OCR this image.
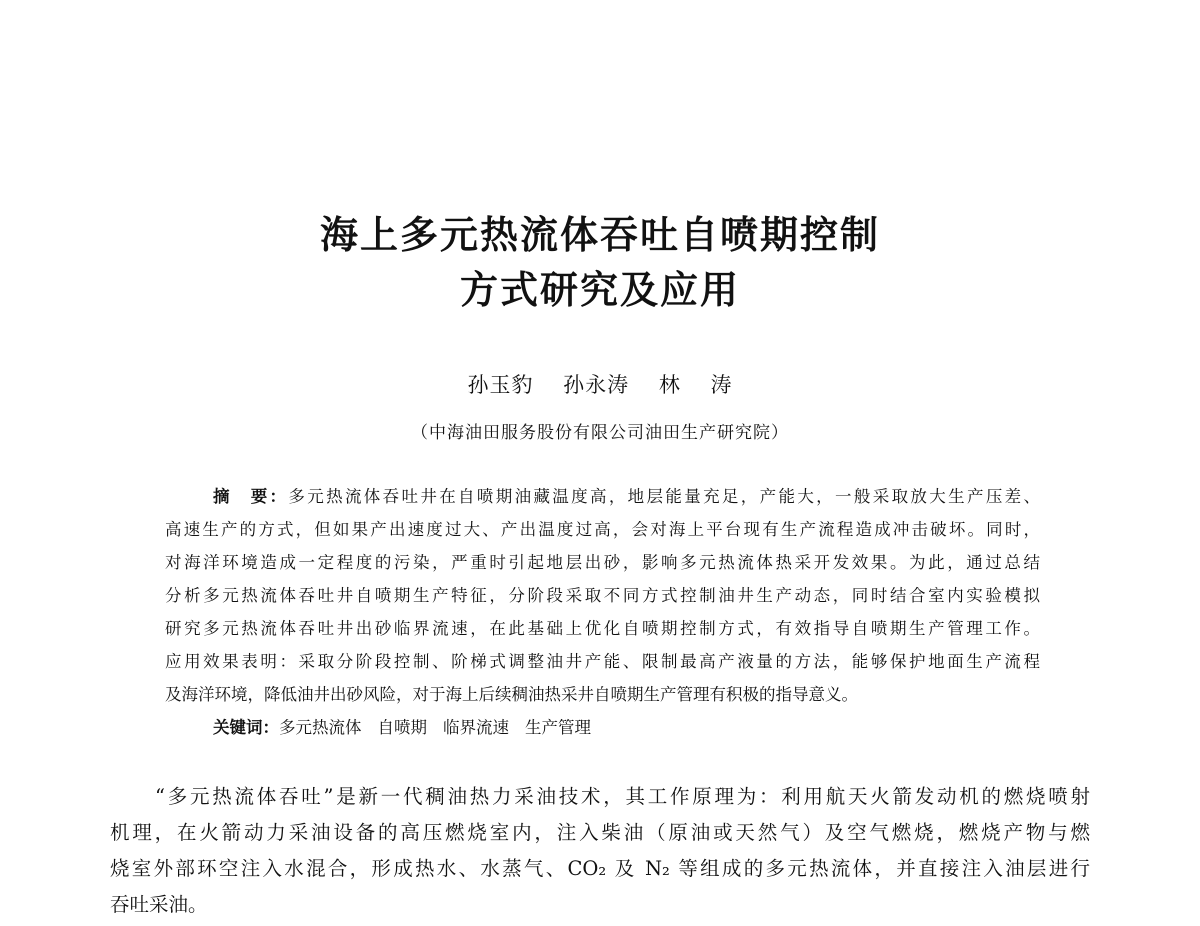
海上多元热流体吞吐自喷期控制
方式研究及应用
孙玉豹 孙永涛 林 涛
（中海油田服务股份有限公司油田生产研究院）
摘　要：多元热流体吞吐井在自喷期油藏温度高，地层能量充足，产能大，一般采取放大生产压差、
高速生产的方式，但如果产出速度过大、产出温度过高，会对海上平台现有生产流程造成冲击破坏。同时，
对海洋环境造成一定程度的污染，严重时引起地层出砂，影响多元热流体热采开发效果。为此，通过总结
分析多元热流体吞吐井自喷期生产特征，分阶段采取不同方式控制油井生产动态，同时结合室内实验模拟
研究多元热流体吞吐井出砂临界流速，在此基础上优化自喷期控制方式，有效指导自喷期生产管理工作。
应用效果表明：采取分阶段控制、阶梯式调整油井产能、限制最高产液量的方法，能够保护地面生产流程
及海洋环境，降低油井出砂风险，对于海上后续稠油热采井自喷期生产管理有积极的指导意义。
关键词：多元热流体 自喷期 临界流速 生产管理
“多元热流体吞吐”是新一代稠油热力采油技术，其工作原理为：利用航天火箭发动机的燃烧喷射
机理，在火箭动力采油设备的高压燃烧室内，注入柴油（原油或天然气）及空气燃烧，燃烧产物与燃
烧室外部环空注入水混合，形成热水、水蒸气、CO₂ 及 N₂ 等组成的多元热流体，并直接注入油层进行
吞吐采油。
